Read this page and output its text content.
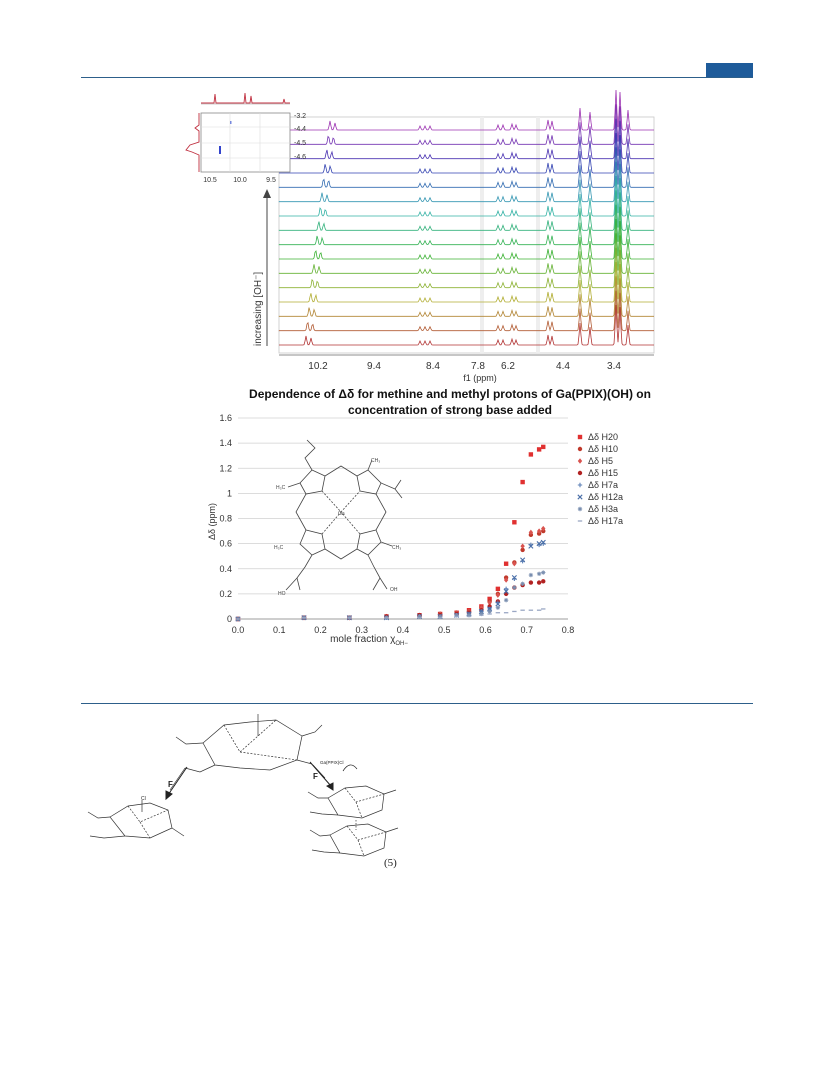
10.2	9.4	8.4	7.8 6.2	4.4	3.4
f1 (ppm)
increasing [OH⁻]
10.5 10.0	9.5
-3.2
-4.4
-4.5
-4.6
Dependence of Δδ for methine and methyl protons of Ga(PPIX)(OH) on
concentration of strong base added
Ga
H₃C
CH₃
CH₃
H₃C
HO
OH
0
0.2
0.4
0.6
0.8
1
1.2
1.4
1.6
0.0	0.1	0.2	0.3	0.4	0.5	0.6	0.7	0.8
Δδ H20
Δδ H10
Δδ H5
Δδ H15
Δδ H7a
Δδ H12a
Δδ H3a
Δδ H17a
Δδ (ppm)
mole fraction $\chi_{OH-}$
F
F
Ga(PPIX)Cl
Cl
(5)
